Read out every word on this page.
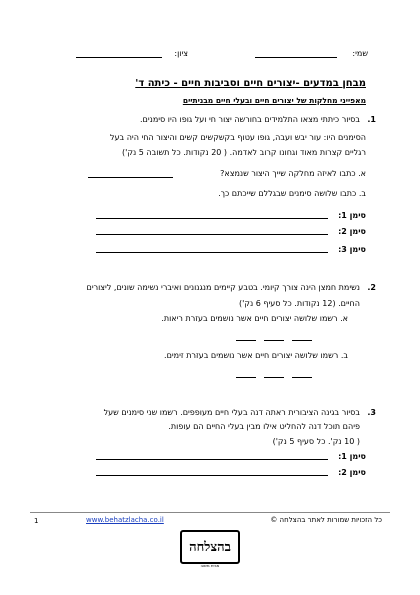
שמי:
ציון:
מבחן במדעים -יצורים חיים וסביבות חיים - כיתה ד'
מאפייני מחלקות של יצורים חיים ובעלי חיים מבניתיים
1.
בסיור כיתתי מצאו התלמידים בחורשה יצור חי ועל גופו היו סימנים.
הסימנים היו: עור יבש ועבה, גופו עטוף בקשקשים קשים והיצור החי היה בעל
רגליים קצרות מאוד וגחונו קרוב לאדמה. ( 20 נקודות. כל תשובה 5 נק')
א. כתבו לאיזה מחלקה שייך היצור שנמצא?
ב. כתבו שלושה סימנים שבגללם שייכתם כך.
סימן 1:
סימן 2:
סימן 3:
2.
נשימת חמצן הינה צורך קיומי. בטבע קיימים מנגנונים ואיברי נשימה שונים, ליצורים
החיים. (12 נקודות. כל סעיף 6 נק')
א. רשמו שלושה יצורים חיים אשר נושמים בעזרת ריאות.
ב. רשמו שלושה יצורים חיים אשר נושמים בעזרת זימים.
3.
בסיור בגינה הציבורית ראתה דנה בעלי חיים מעופפים. רשמו שני סימנים שעל
פיהם תוכל דנה להחליט אילו מבין בעלי החיים הם עופות.
( 10 נק'. כל סעיף 5 נק')
סימן 1:
סימן 2:
1	www.behatzlacha.co.il	כל הזכויות שמורות לאתר בהצלחה ©
בהצלחה
מבית משוב
